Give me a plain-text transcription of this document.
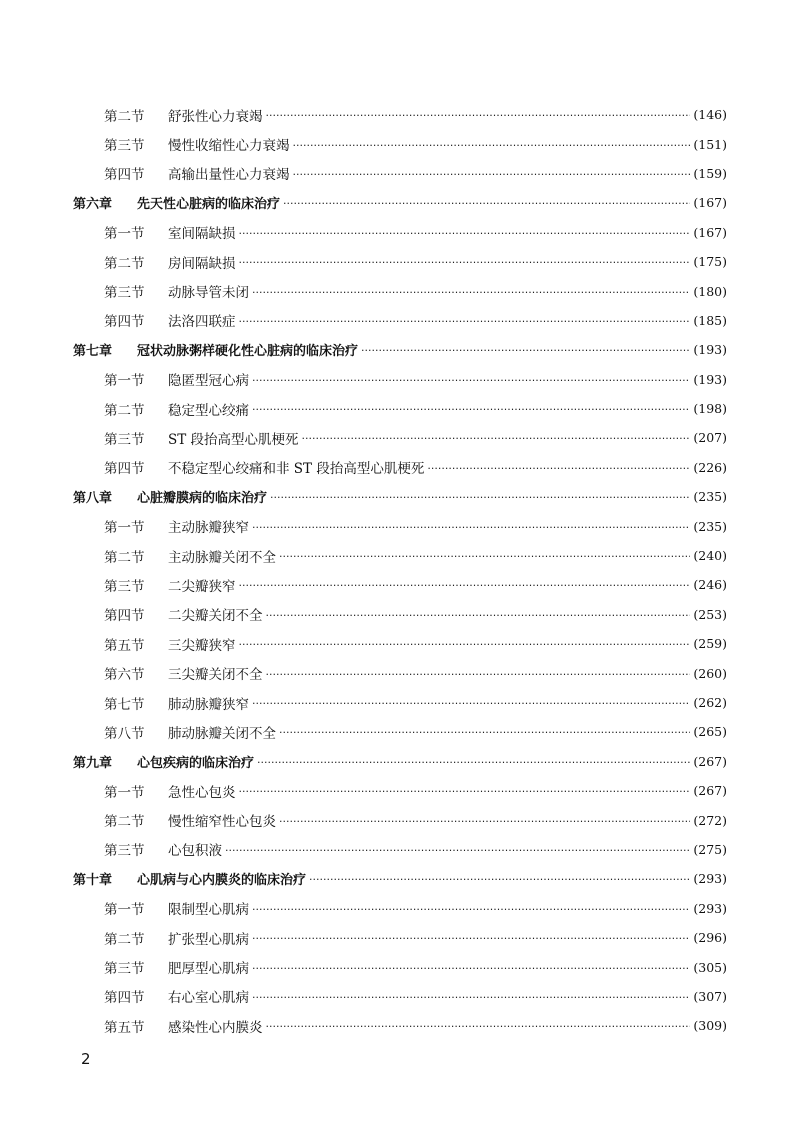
第二节	舒张性心力衰竭 ·····	(146)
第三节	慢性收缩性心力衰竭 ·····	(151)
第四节	高输出量性心力衰竭 ·····	(159)
第六章	先天性心脏病的临床治疗 ·····	(167)
第一节	室间隔缺损 ·····	(167)
第二节	房间隔缺损 ·····	(175)
第三节	动脉导管未闭 ·····	(180)
第四节	法洛四联症 ·····	(185)
第七章	冠状动脉粥样硬化性心脏病的临床治疗 ·····	(193)
第一节	隐匿型冠心病 ·····	(193)
第二节	稳定型心绞痛 ·····	(198)
第三节	ST 段抬高型心肌梗死 ·····	(207)
第四节	不稳定型心绞痛和非 ST 段抬高型心肌梗死 ·····	(226)
第八章	心脏瓣膜病的临床治疗 ·····	(235)
第一节	主动脉瓣狭窄 ·····	(235)
第二节	主动脉瓣关闭不全 ·····	(240)
第三节	二尖瓣狭窄 ·····	(246)
第四节	二尖瓣关闭不全 ·····	(253)
第五节	三尖瓣狭窄 ·····	(259)
第六节	三尖瓣关闭不全 ·····	(260)
第七节	肺动脉瓣狭窄 ·····	(262)
第八节	肺动脉瓣关闭不全 ·····	(265)
第九章	心包疾病的临床治疗 ·····	(267)
第一节	急性心包炎 ·····	(267)
第二节	慢性缩窄性心包炎 ·····	(272)
第三节	心包积液 ·····	(275)
第十章	心肌病与心内膜炎的临床治疗 ·····	(293)
第一节	限制型心肌病 ·····	(293)
第二节	扩张型心肌病 ·····	(296)
第三节	肥厚型心肌病 ·····	(305)
第四节	右心室心肌病 ·····	(307)
第五节	感染性心内膜炎 ·····	(309)
2
